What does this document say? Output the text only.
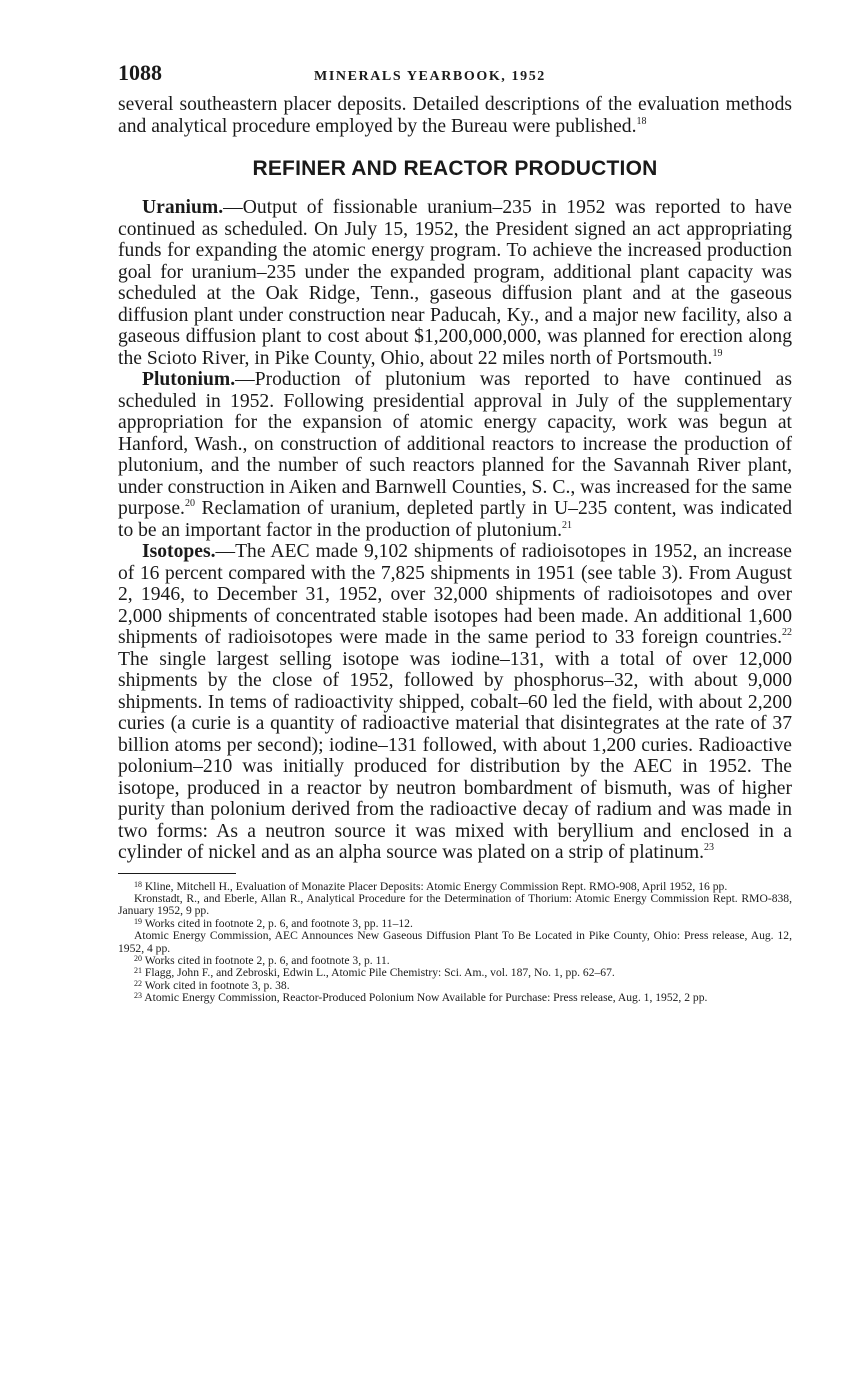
1088	MINERALS YEARBOOK, 1952

several southeastern placer deposits. Detailed descriptions of the evaluation methods and analytical procedure employed by the Bureau were published.$^{18}$

REFINER AND REACTOR PRODUCTION

Uranium.—Output of fissionable uranium–235 in 1952 was reported to have continued as scheduled. On July 15, 1952, the President signed an act appropriating funds for expanding the atomic energy program. To achieve the increased production goal for uranium–235 under the expanded program, additional plant capacity was scheduled at the Oak Ridge, Tenn., gaseous diffusion plant and at the gaseous diffusion plant under construction near Paducah, Ky., and a major new facility, also a gaseous diffusion plant to cost about $1,200,000,000, was planned for erection along the Scioto River, in Pike County, Ohio, about 22 miles north of Portsmouth.$^{19}$

Plutonium.—Production of plutonium was reported to have continued as scheduled in 1952. Following presidential approval in July of the supplementary appropriation for the expansion of atomic energy capacity, work was begun at Hanford, Wash., on construction of additional reactors to increase the production of plutonium, and the number of such reactors planned for the Savannah River plant, under construction in Aiken and Barnwell Counties, S. C., was increased for the same purpose.$^{20}$ Reclamation of uranium, depleted partly in U–235 content, was indicated to be an important factor in the production of plutonium.$^{21}$

Isotopes.—The AEC made 9,102 shipments of radioisotopes in 1952, an increase of 16 percent compared with the 7,825 shipments in 1951 (see table 3). From August 2, 1946, to December 31, 1952, over 32,000 shipments of radioisotopes and over 2,000 shipments of concentrated stable isotopes had been made. An additional 1,600 shipments of radioisotopes were made in the same period to 33 foreign countries.$^{22}$ The single largest selling isotope was iodine–131, with a total of over 12,000 shipments by the close of 1952, followed by phosphorus–32, with about 9,000 shipments. In tems of radioactivity shipped, cobalt–60 led the field, with about 2,200 curies (a curie is a quantity of radioactive material that disintegrates at the rate of 37 billion atoms per second); iodine–131 followed, with about 1,200 curies. Radioactive polonium–210 was initially produced for distribution by the AEC in 1952. The isotope, produced in a reactor by neutron bombardment of bismuth, was of higher purity than polonium derived from the radioactive decay of radium and was made in two forms: As a neutron source it was mixed with beryllium and enclosed in a cylinder of nickel and as an alpha source was plated on a strip of platinum.$^{23}$

$^{18}$ Kline, Mitchell H., Evaluation of Monazite Placer Deposits: Atomic Energy Commission Rept. RMO-908, April 1952, 16 pp.

Kronstadt, R., and Eberle, Allan R., Analytical Procedure for the Determination of Thorium: Atomic Energy Commission Rept. RMO-838, January 1952, 9 pp.

$^{19}$ Works cited in footnote 2, p. 6, and footnote 3, pp. 11–12.

Atomic Energy Commission, AEC Announces New Gaseous Diffusion Plant To Be Located in Pike County, Ohio: Press release, Aug. 12, 1952, 4 pp.

$^{20}$ Works cited in footnote 2, p. 6, and footnote 3, p. 11.

$^{21}$ Flagg, John F., and Zebroski, Edwin L., Atomic Pile Chemistry: Sci. Am., vol. 187, No. 1, pp. 62–67.

$^{22}$ Work cited in footnote 3, p. 38.

$^{23}$ Atomic Energy Commission, Reactor-Produced Polonium Now Available for Purchase: Press release, Aug. 1, 1952, 2 pp.
